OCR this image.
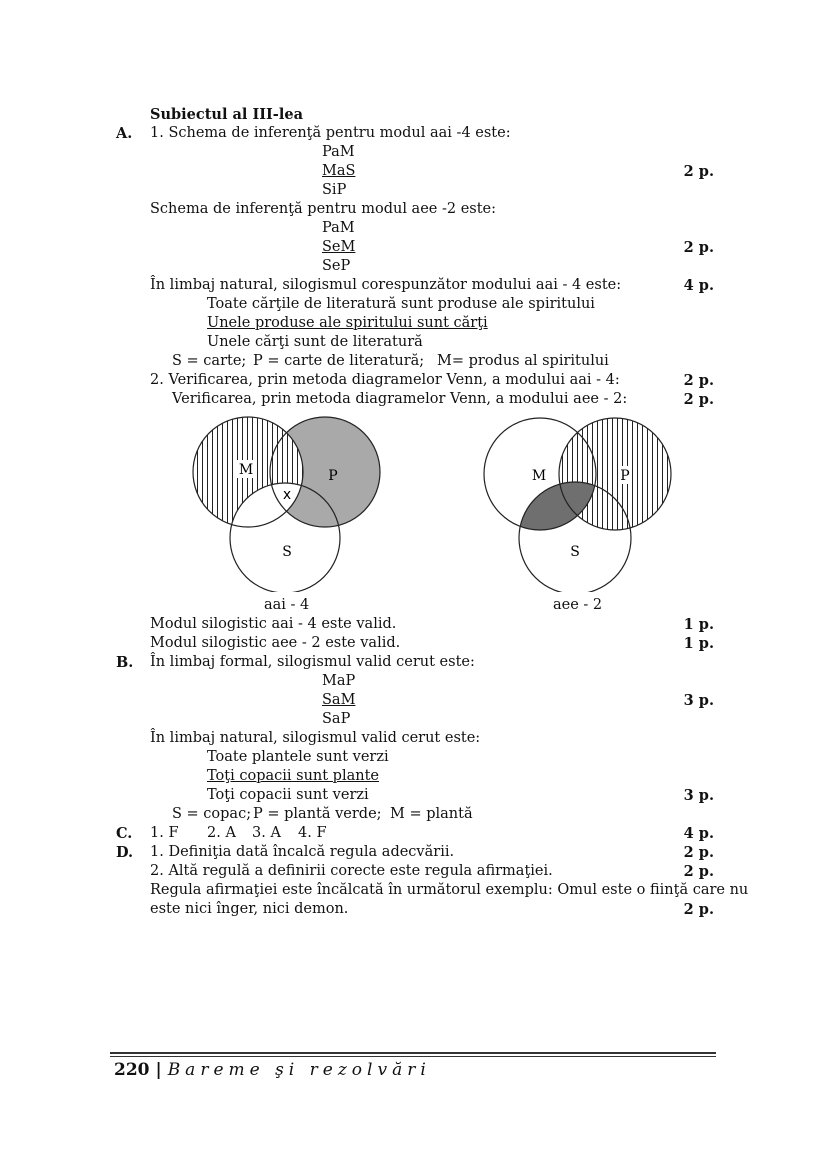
Subiectul al III-lea
A. 1. Schema de inferenţă pentru modul aai -4 este:
PaM
MaS	2 p.
SiP
Schema de inferenţă pentru modul aee -2 este:
PaM
SeM	2 p.
SeP
În limbaj natural, silogismul corespunzător modului aai - 4 este:	4 p.
Toate cărţile de literatură sunt produse ale spiritului
Unele produse ale spiritului sunt cărţi
Unele cărţi sunt de literatură
S = carte; P = carte de literatură; M= produs al spiritului
2. Verificarea, prin metoda diagramelor Venn, a modului aai - 4:	2 p.
Verificarea, prin metoda diagramelor Venn, a modului aee - 2:	2 p.
M	P
x
S
aai - 4
M	P
S
aee - 2
Modul silogistic aai - 4 este valid.	1 p.
Modul silogistic aee - 2 este valid.	1 p.
B. În limbaj formal, silogismul valid cerut este:
MaP
SaM	3 p.
SaP
În limbaj natural, silogismul valid cerut este:
Toate plantele sunt verzi
Toţi copacii sunt plante
Toţi copacii sunt verzi	3 p.
S = copac; P = plantă verde; M = plantă
C. 1. F 2. A 3. A 4. F	4 p.
D. 1. Definiţia dată încalcă regula adecvării.	2 p.
2. Altă regulă a definirii corecte este regula afirmaţiei.	2 p.
Regula afirmaţiei este încălcată în următorul exemplu: Omul este o fiinţă care nu
este nici înger, nici demon.	2 p.
220 | Bareme şi rezolvări
